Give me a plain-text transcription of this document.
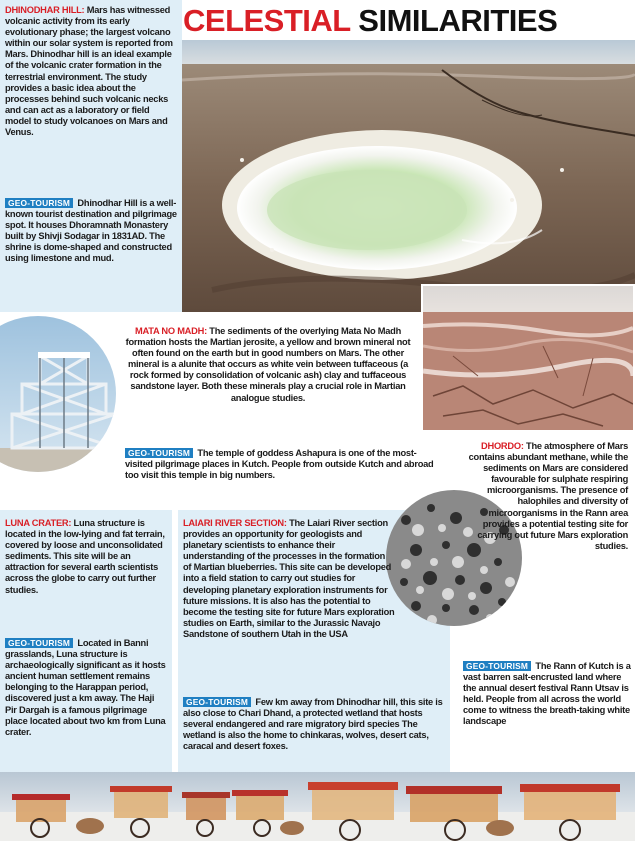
CELESTIAL SIMILARITIES
DHINODHAR HILL: Mars has witnessed volcanic activity from its early evolutionary phase; the largest volcano within our solar system is reported from Mars. Dhinodhar hill is an ideal example of the volcanic crater formation in the terrestrial environment. The study provides a basic idea about the processes behind such volcanic necks and can act as a laboratory or field model to study volcanoes on Mars and Venus.
GEO-TOURISM Dhinodhar Hill is a well-known tourist destination and pilgrimage spot. It houses Dhoramnath Monastery built by Shivji Sodagar in 1831AD. The shrine is dome-shaped and constructed using limestone and mud.
MATA NO MADH: The sediments of the overlying Mata No Madh formation hosts the Martian jerosite, a yellow and brown mineral not often found on the earth but in good numbers on Mars. The other mineral is a alunite that occurs as white vein between tuffaceous (a rock formed by consolidation of volcanic ash) clay and tuffaceous sandstone layer. Both these minerals play a crucial role in Martian analogue studies.
GEO-TOURISM The temple of goddess Ashapura is one of the most-visited pilgrimage places in Kutch. People from outside Kutch and abroad too visit this temple in big numbers.
DHORDO: The atmosphere of Mars contains abundant methane, while the sediments on Mars are considered favourable for sulphate respiring microorganisms. The presence of halophiles and diversity of microorganisms in the Rann area provides a potential testing site for carrying out future Mars exploration studies.
GEO-TOURISM The Rann of Kutch is a vast barren salt-encrusted land where the annual desert festival Rann Utsav is held. People from all across the world come to witness the breath-taking white landscape
LUNA CRATER: Luna structure is located in the low-lying and fat terrain, covered by loose and unconsolidated sediments. This site will be an attraction for several earth scientists across the globe to carry out further studies.
GEO-TOURISM Located in Banni grasslands, Luna structure is archaeologically significant as it hosts ancient human settlement remains belonging to the Harappan period, discovered just a km away. The Haji Pir Dargah is a famous pilgrimage place located about two km from Luna crater.
LAIARI RIVER SECTION: The Laiari River section provides an opportunity for geologists and planetary scientists to enhance their understanding of the processes in the formation of Martian blueberries. This site can be developed into a field station to carry out studies for developing planetary exploration instruments for future missions. It is also has the potential to become the testing site for future Mars exploration studies on Earth, similar to the Jurassic Navajo Sandstone of southern Utah in the USA
GEO-TOURISM Few km away from Dhinodhar hill, this site is also close to Chari Dhand, a protected wetland that hosts several endangered and rare migratory bird species The wetland is also the home to chinkaras, wolves, desert cats, caracal and desert foxes.
